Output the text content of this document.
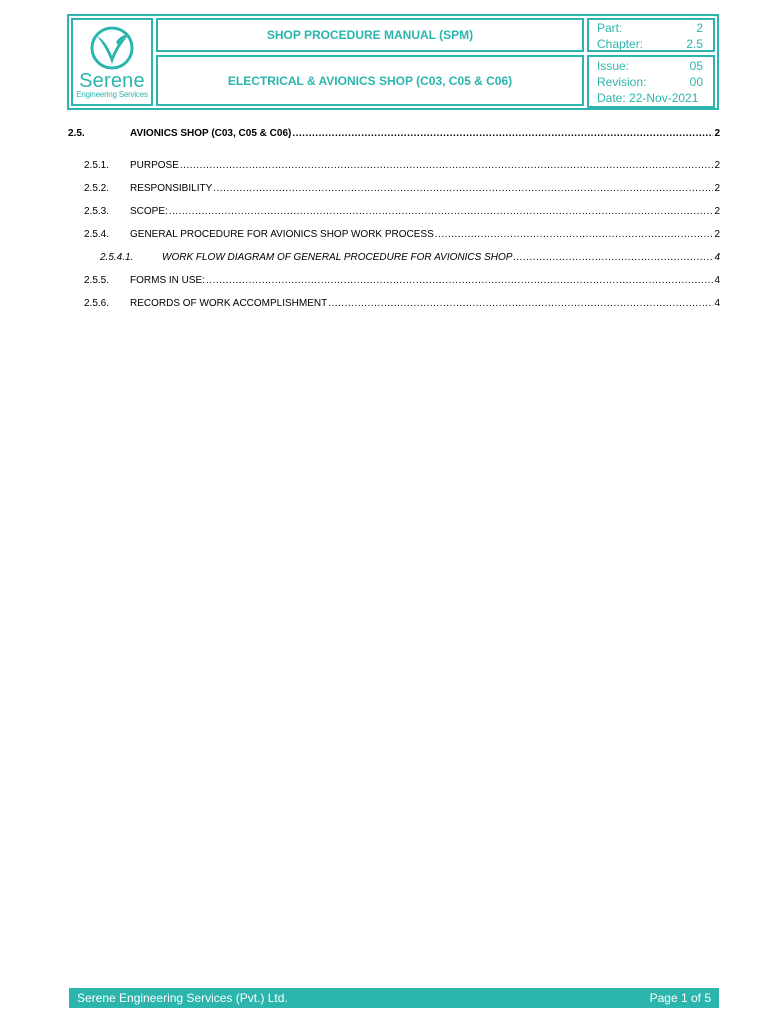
Serene
Engineering Services
SHOP PROCEDURE MANUAL (SPM)
ELECTRICAL & AVIONICS SHOP (C03, C05 & C06)
Part:	2
Chapter:	2.5
Issue:	05
Revision:	00
Date: 22-Nov-2021
2.5.	AVIONICS SHOP (C03, C05 & C06) .....	2
2.5.1.	PURPOSE .....	2
2.5.2.	RESPONSIBILITY .....	2
2.5.3.	SCOPE: .....	2
2.5.4.	GENERAL PROCEDURE FOR AVIONICS SHOP WORK PROCESS .....	2
2.5.4.1.	WORK FLOW DIAGRAM OF GENERAL PROCEDURE FOR AVIONICS SHOP .....	4
2.5.5.	FORMS IN USE: .....	4
2.5.6.	RECORDS OF WORK ACCOMPLISHMENT .....	4
Serene Engineering Services (Pvt.) Ltd.	Page 1 of 5
